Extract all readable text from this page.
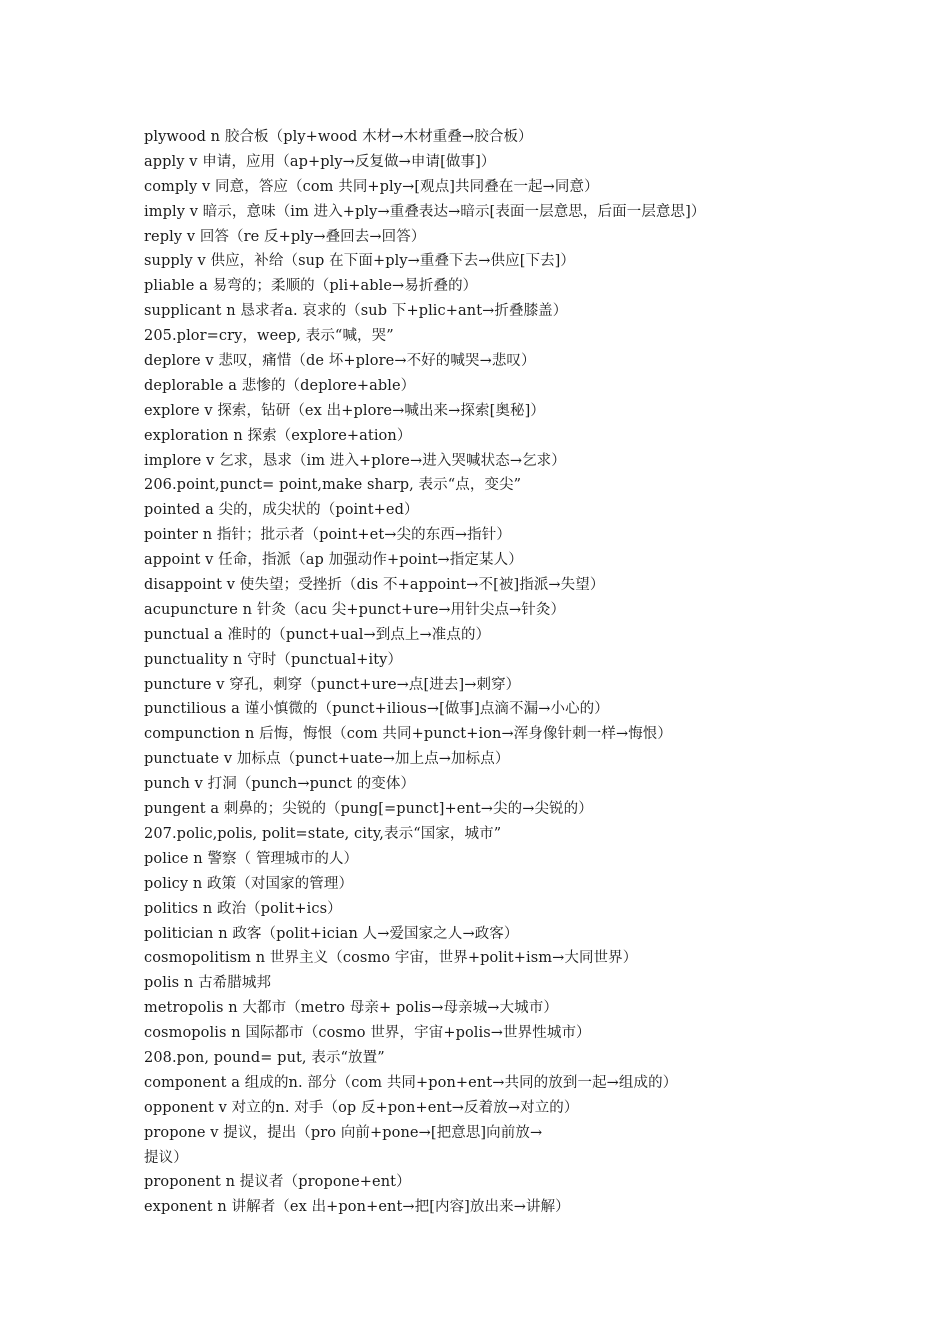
plywood n 胶合板（ply+wood 木材→木材重叠→胶合板）
apply v 申请，应用（ap+ply→反复做→申请[做事]）
comply v 同意，答应（com 共同+ply→[观点]共同叠在一起→同意）
imply v 暗示，意味（im 进入+ply→重叠表达→暗示[表面一层意思，后面一层意思]）
reply v 回答（re 反+ply→叠回去→回答）
supply v 供应，补给（sup 在下面+ply→重叠下去→供应[下去]）
pliable a 易弯的；柔顺的（pli+able→易折叠的）
supplicant n 恳求者a. 哀求的（sub 下+plic+ant→折叠膝盖）
205.plor=cry，weep, 表示“喊，哭”
deplore v 悲叹，痛惜（de 坏+plore→不好的喊哭→悲叹）
deplorable a 悲惨的（deplore+able）
explore v 探索，钻研（ex 出+plore→喊出来→探索[奥秘]）
exploration n 探索（explore+ation）
implore v 乞求，恳求（im 进入+plore→进入哭喊状态→乞求）
206.point,punct= point,make sharp, 表示“点，变尖”
pointed a 尖的，成尖状的（point+ed）
pointer n 指针；批示者（point+et→尖的东西→指针）
appoint v 任命，指派（ap 加强动作+point→指定某人）
disappoint v 使失望；受挫折（dis 不+appoint→不[被]指派→失望）
acupuncture n 针灸（acu 尖+punct+ure→用针尖点→针灸）
punctual a 准时的（punct+ual→到点上→准点的）
punctuality n 守时（punctual+ity）
puncture v 穿孔，刺穿（punct+ure→点[进去]→刺穿）
punctilious a 谨小慎微的（punct+ilious→[做事]点滴不漏→小心的）
compunction n 后悔，悔恨（com 共同+punct+ion→浑身像针刺一样→悔恨）
punctuate v 加标点（punct+uate→加上点→加标点）
punch v 打洞（punch→punct 的变体）
pungent a 刺鼻的；尖锐的（pung[=punct]+ent→尖的→尖锐的）
207.polic,polis, polit=state, city,表示“国家，城市”
police n 警察（ 管理城市的人）
policy n 政策（对国家的管理）
politics n 政治（polit+ics）
politician n 政客（polit+ician 人→爱国家之人→政客）
cosmopolitism n 世界主义（cosmo 宇宙，世界+polit+ism→大同世界）
polis n 古希腊城邦
metropolis n 大都市（metro 母亲+ polis→母亲城→大城市）
cosmopolis n 国际都市（cosmo 世界，宇宙+polis→世界性城市）
208.pon, pound= put, 表示“放置”
component a 组成的n. 部分（com 共同+pon+ent→共同的放到一起→组成的）
opponent v 对立的n. 对手（op 反+pon+ent→反着放→对立的）
propone v 提议，提出（pro 向前+pone→[把意思]向前放→
提议）
proponent n 提议者（propone+ent）
exponent n 讲解者（ex 出+pon+ent→把[内容]放出来→讲解）
